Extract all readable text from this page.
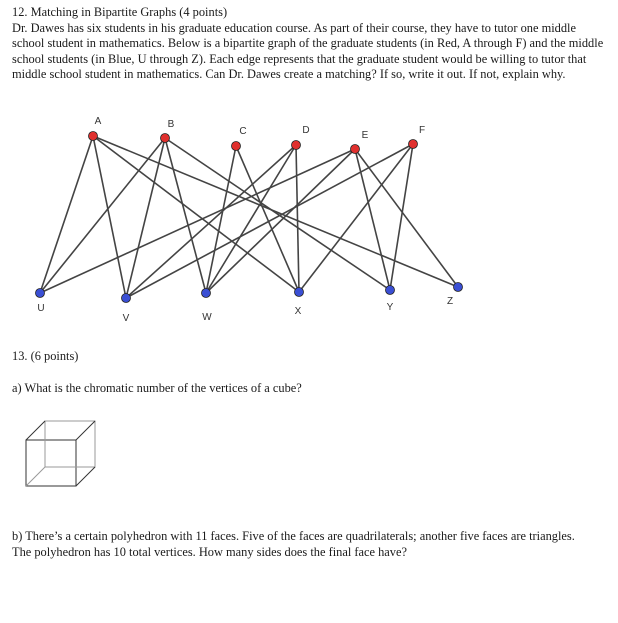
12. Matching in Bipartite Graphs (4 points)

Dr. Dawes has six students in his graduate education course. As part of their course, they have to tutor one middle school student in mathematics. Below is a bipartite graph of the graduate students (in Red, A through F) and the middle school students (in Blue, U through Z). Each edge represents that the graduate student would be willing to tutor that middle school student in mathematics. Can Dr. Dawes create a matching? If so, write it out. If not, explain why.

A	B
C	D	E	F
U
V	W
X	Y
Z
13. (6 points)
a) What is the chromatic number of the vertices of a cube?
b) There’s a certain polyhedron with 11 faces. Five of the faces are quadrilaterals; another five faces are triangles. The polyhedron has 10 total vertices. How many sides does the final face have?
